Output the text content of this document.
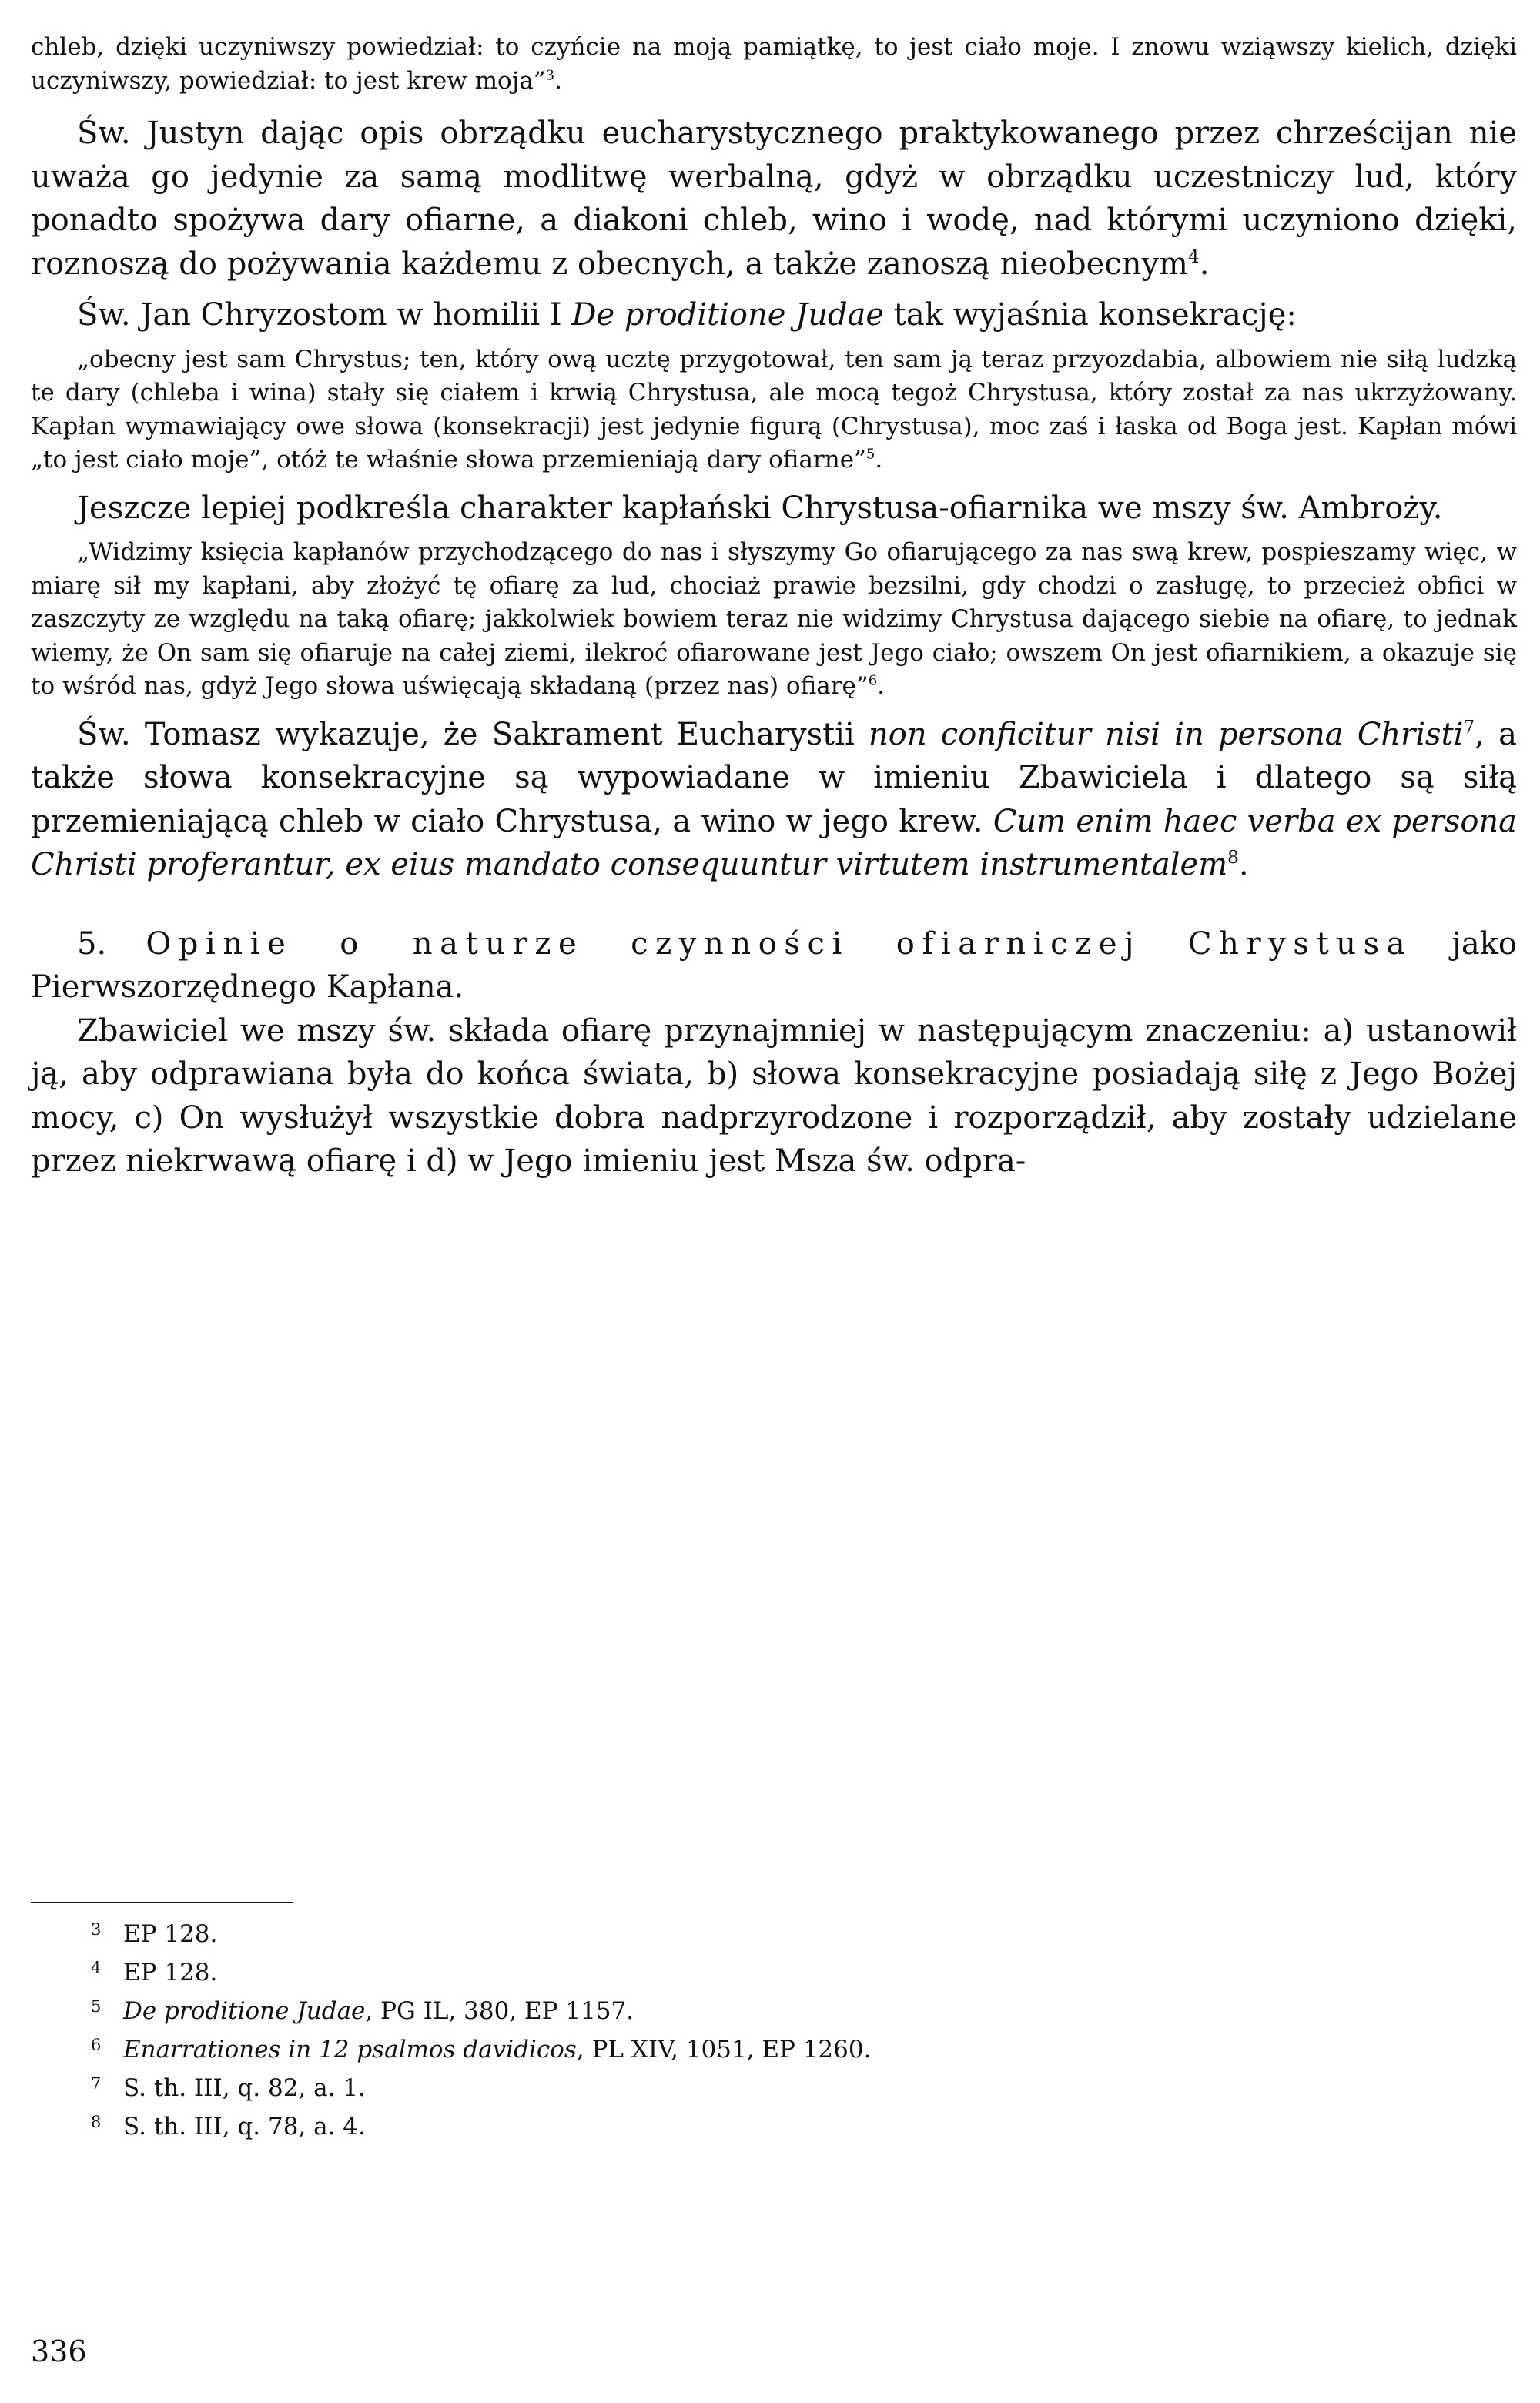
chleb, dzięki uczyniwszy powiedział: to czyńcie na moją pamiątkę, to jest ciało moje. I znowu wziąwszy kielich, dzięki uczyniwszy, powiedział: to jest krew moja”$^3$.

Św. Justyn dając opis obrządku eucharystycznego praktykowanego przez chrześcijan nie uważa go jedynie za samą modlitwę werbalną, gdyż w obrządku uczestniczy lud, który ponadto spożywa dary ofiarne, a diakoni chleb, wino i wodę, nad którymi uczyniono dzięki, roznoszą do pożywania każdemu z obecnych, a także zanoszą nieobecnym$^4$.

Św. Jan Chryzostom w homilii I De proditione Judae tak wyjaśnia konsekrację:

„obecny jest sam Chrystus; ten, który ową ucztę przygotował, ten sam ją teraz przyozdabia, albowiem nie siłą ludzką te dary (chleba i wina) stały się ciałem i krwią Chrystusa, ale mocą tegoż Chrystusa, który został za nas ukrzyżowany. Kapłan wymawiający owe słowa (konsekracji) jest jedynie figurą (Chrystusa), moc zaś i łaska od Boga jest. Kapłan mówi „to jest ciało moje”, otóż te właśnie słowa przemieniają dary ofiarne”$^5$.

Jeszcze lepiej podkreśla charakter kapłański Chrystusa-ofiarnika we mszy św. Ambroży.

„Widzimy księcia kapłanów przychodzącego do nas i słyszymy Go ofiarującego za nas swą krew, pospieszamy więc, w miarę sił my kapłani, aby złożyć tę ofiarę za lud, chociaż prawie bezsilni, gdy chodzi o zasługę, to przecież obfici w zaszczyty ze względu na taką ofiarę; jakkolwiek bowiem teraz nie widzimy Chrystusa dającego siebie na ofiarę, to jednak wiemy, że On sam się ofiaruje na całej ziemi, ilekroć ofiarowane jest Jego ciało; owszem On jest ofiarnikiem, a okazuje się to wśród nas, gdyż Jego słowa uświęcają składaną (przez nas) ofiarę”$^6$.

Św. Tomasz wykazuje, że Sakrament Eucharystii non conficitur nisi in persona Christi$^7$, a także słowa konsekracyjne są wypowiadane w imieniu Zbawiciela i dlatego są siłą przemieniającą chleb w ciało Chrystusa, a wino w jego krew. Cum enim haec verba ex persona Christi proferantur, ex eius mandato consequuntur virtutem instrumentalem$^8$.

5. Opinie o naturze czynności ofiarniczej Chrystusa jako Pierwszorzędnego Kapłana.

Zbawiciel we mszy św. składa ofiarę przynajmniej w następującym znaczeniu: a) ustanowił ją, aby odprawiana była do końca świata, b) słowa konsekracyjne posiadają siłę z Jego Bożej mocy, c) On wysłużył wszystkie dobra nadprzyrodzone i rozporządził, aby zostały udzielane przez niekrwawą ofiarę i d) w Jego imieniu jest Msza św. odpra-

3 EP 128.
4 EP 128.
5 De proditione Judae, PG IL, 380, EP 1157.
6 Enarrationes in 12 psalmos davidicos, PL XIV, 1051, EP 1260.
7 S. th. III, q. 82, a. 1.
8 S. th. III, q. 78, a. 4.
336
